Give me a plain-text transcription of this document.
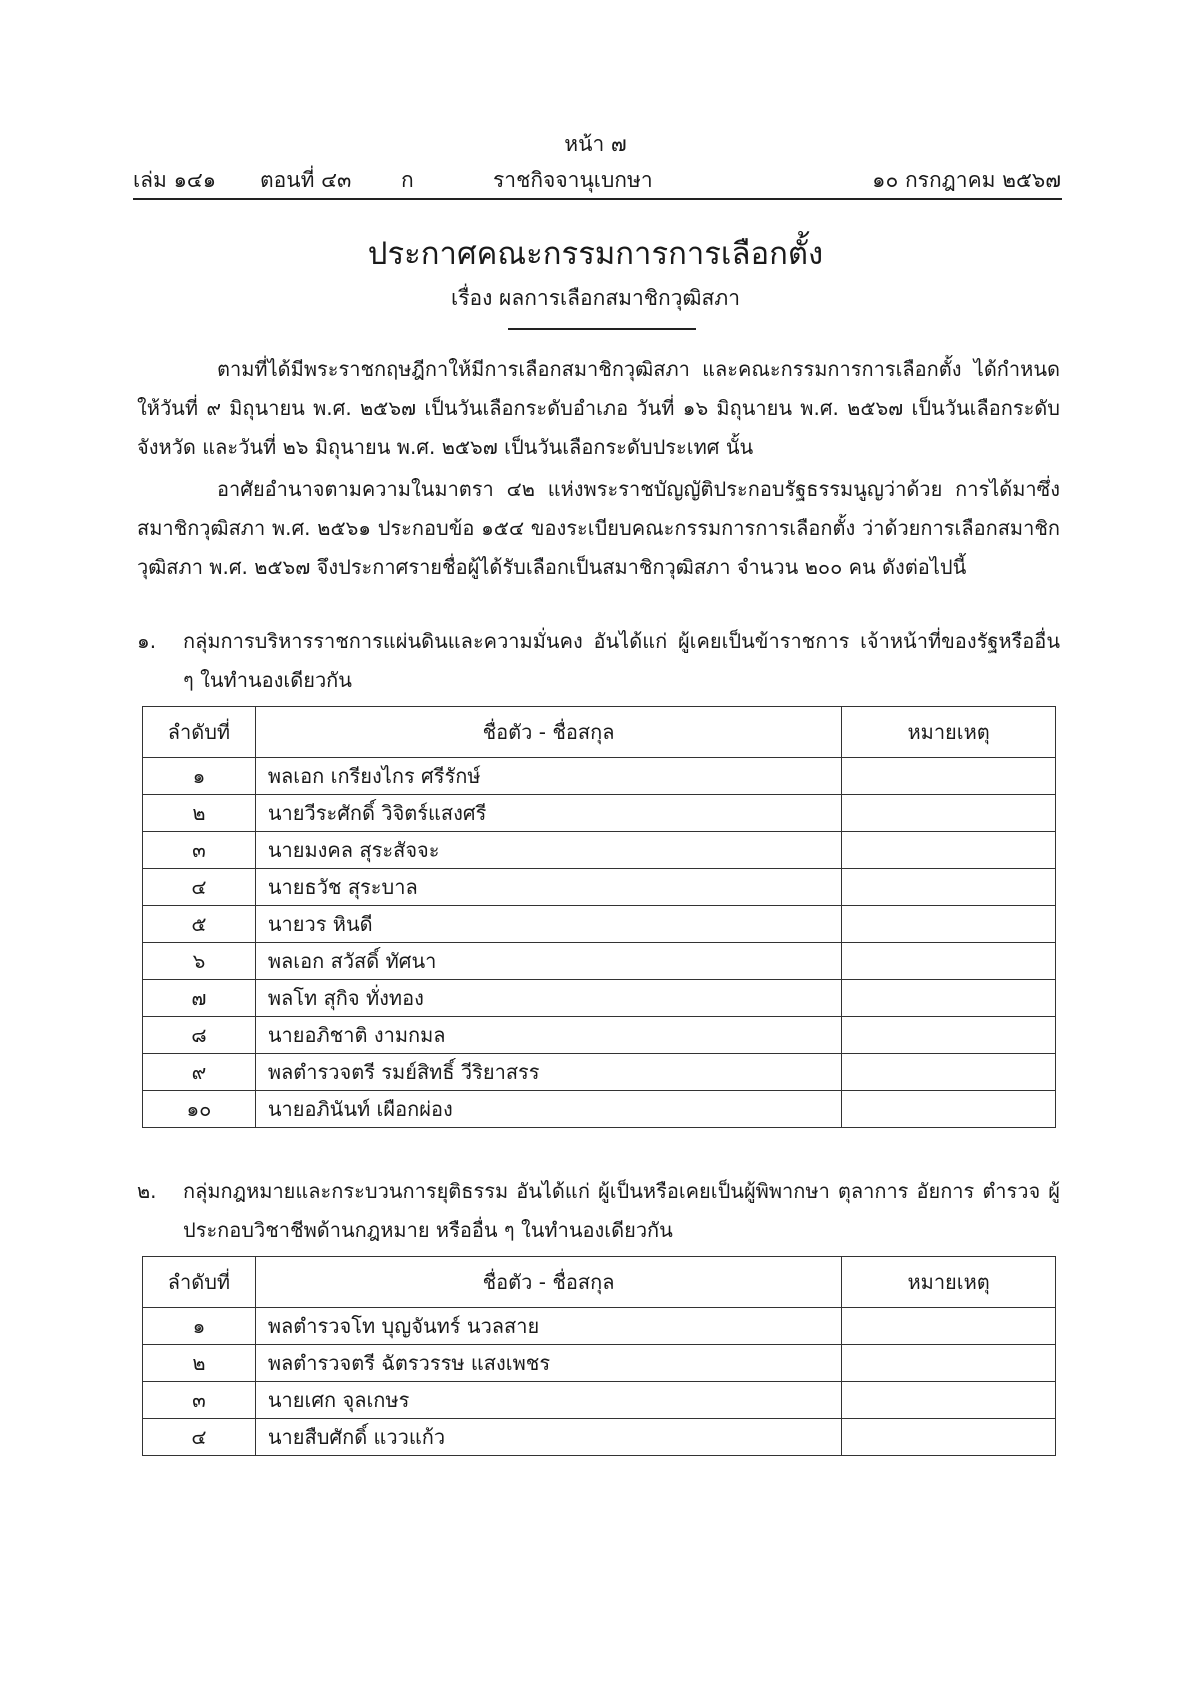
หน้า ๗
เล่ม ๑๔๑ ตอนที่ ๔๓ ก	ราชกิจจานุเบกษา	๑๐ กรกฎาคม ๒๕๖๗
ประกาศคณะกรรมการการเลือกตั้ง
เรื่อง ผลการเลือกสมาชิกวุฒิสภา

ตามที่ได้มีพระราชกฤษฎีกาให้มีการเลือกสมาชิกวุฒิสภา และคณะกรรมการการเลือกตั้ง ได้กำหนดให้วันที่ ๙ มิถุนายน พ.ศ. ๒๕๖๗ เป็นวันเลือกระดับอำเภอ วันที่ ๑๖ มิถุนายน พ.ศ. ๒๕๖๗ เป็นวันเลือกระดับจังหวัด และวันที่ ๒๖ มิถุนายน พ.ศ. ๒๕๖๗ เป็นวันเลือกระดับประเทศ นั้น

อาศัยอำนาจตามความในมาตรา ๔๒ แห่งพระราชบัญญัติประกอบรัฐธรรมนูญว่าด้วย การได้มาซึ่งสมาชิกวุฒิสภา พ.ศ. ๒๕๖๑ ประกอบข้อ ๑๕๔ ของระเบียบคณะกรรมการการเลือกตั้ง ว่าด้วยการเลือกสมาชิกวุฒิสภา พ.ศ. ๒๕๖๗ จึงประกาศรายชื่อผู้ได้รับเลือกเป็นสมาชิกวุฒิสภา จำนวน ๒๐๐ คน ดังต่อไปนี้

๑. กลุ่มการบริหารราชการแผ่นดินและความมั่นคง อันได้แก่ ผู้เคยเป็นข้าราชการ เจ้าหน้าที่ของรัฐหรืออื่น ๆ ในทำนองเดียวกัน
ลำดับที่	ชื่อตัว - ชื่อสกุล	หมายเหตุ
๑	พลเอก เกรียงไกร ศรีรักษ์	
๒	นายวีระศักดิ์ วิจิตร์แสงศรี	
๓	นายมงคล สุระสัจจะ	
๔	นายธวัช สุระบาล	
๕	นายวร หินดี	
๖	พลเอก สวัสดิ์ ทัศนา	
๗	พลโท สุกิจ ทั่งทอง	
๘	นายอภิชาติ งามกมล	
๙	พลตำรวจตรี รมย์สิทธิ์ วีริยาสรร	
๑๐	นายอภินันท์ เผือกผ่อง	
๒. กลุ่มกฎหมายและกระบวนการยุติธรรม อันได้แก่ ผู้เป็นหรือเคยเป็นผู้พิพากษา ตุลาการ อัยการ ตำรวจ ผู้ประกอบวิชาชีพด้านกฎหมาย หรืออื่น ๆ ในทำนองเดียวกัน
ลำดับที่	ชื่อตัว - ชื่อสกุล	หมายเหตุ
๑	พลตำรวจโท บุญจันทร์ นวลสาย	
๒	พลตำรวจตรี ฉัตรวรรษ แสงเพชร	
๓	นายเศก จุลเกษร	
๔	นายสืบศักดิ์ แววแก้ว	
